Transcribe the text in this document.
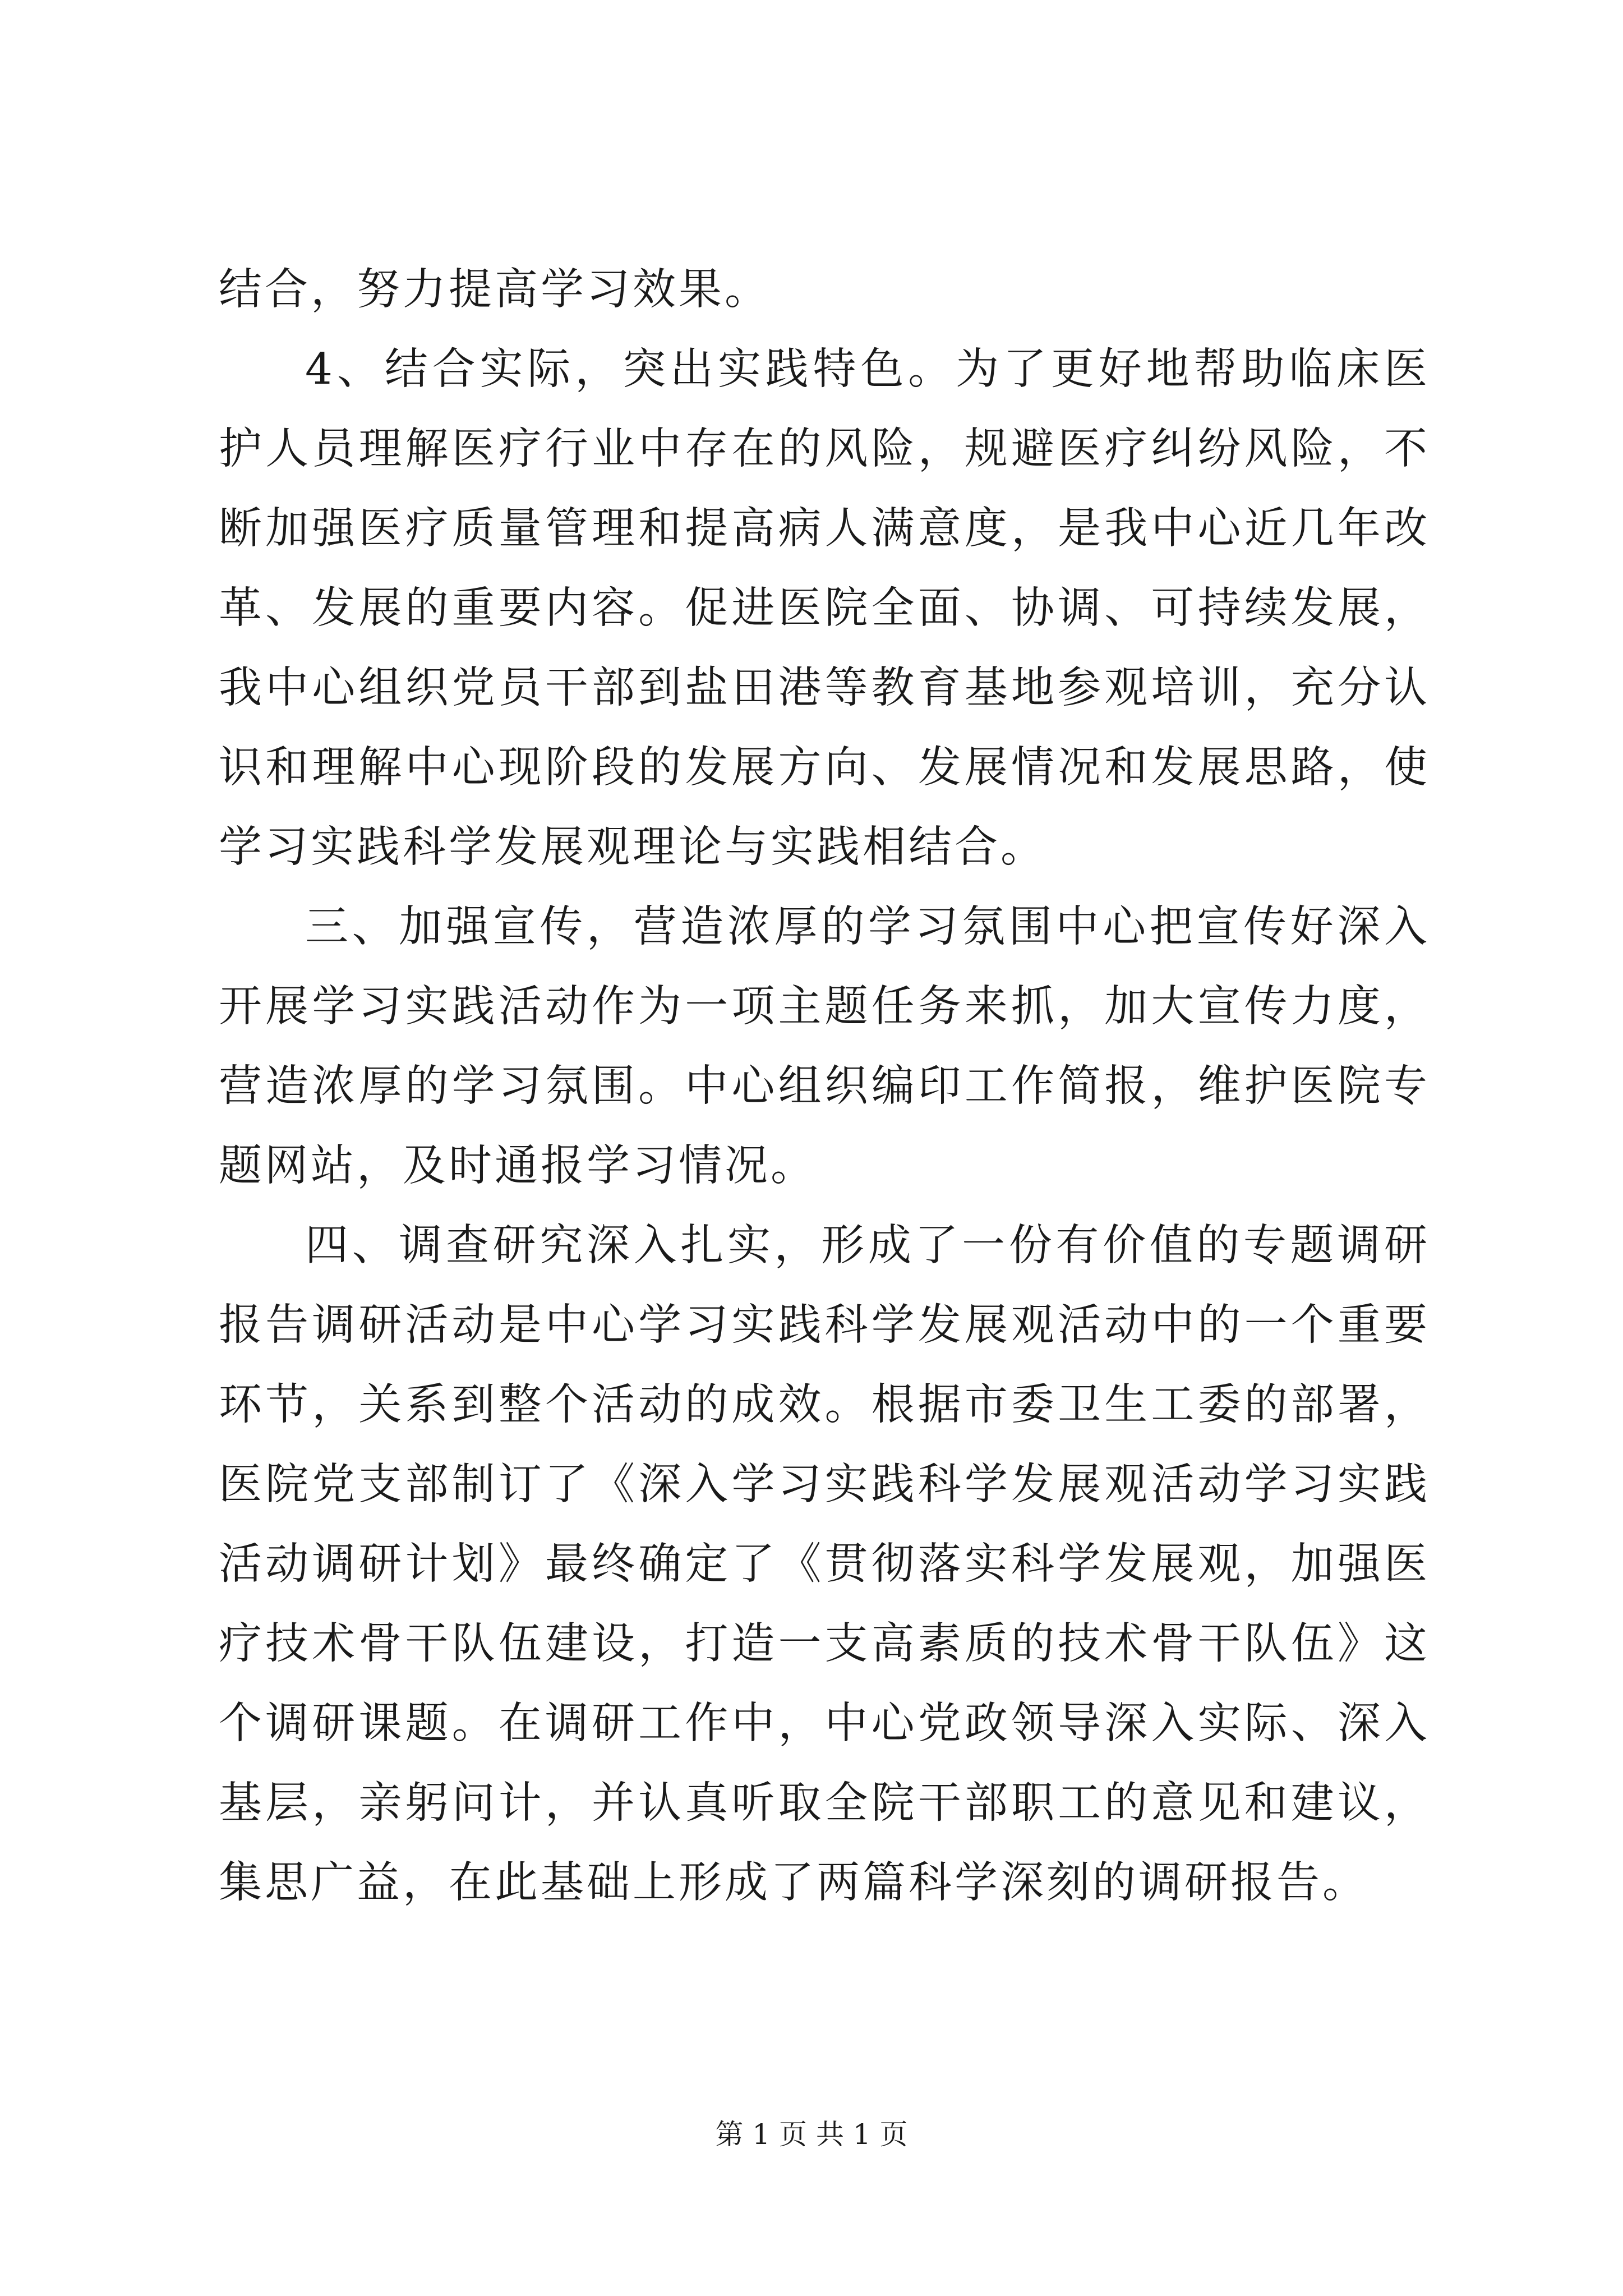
结合，努力提高学习效果。

4、结合实际，突出实践特色。为了更好地帮助临床医护人员理解医疗行业中存在的风险，规避医疗纠纷风险，不断加强医疗质量管理和提高病人满意度，是我中心近几年改革、发展的重要内容。促进医院全面、协调、可持续发展，我中心组织党员干部到盐田港等教育基地参观培训，充分认识和理解中心现阶段的发展方向、发展情况和发展思路，使学习实践科学发展观理论与实践相结合。

三、加强宣传，营造浓厚的学习氛围中心把宣传好深入开展学习实践活动作为一项主题任务来抓，加大宣传力度，营造浓厚的学习氛围。中心组织编印工作简报，维护医院专题网站，及时通报学习情况。

四、调查研究深入扎实，形成了一份有价值的专题调研报告调研活动是中心学习实践科学发展观活动中的一个重要环节，关系到整个活动的成效。根据市委卫生工委的部署，医院党支部制订了《深入学习实践科学发展观活动学习实践活动调研计划》最终确定了《贯彻落实科学发展观，加强医疗技术骨干队伍建设，打造一支高素质的技术骨干队伍》这个调研课题。在调研工作中，中心党政领导深入实际、深入基层，亲躬问计，并认真听取全院干部职工的意见和建议，集思广益，在此基础上形成了两篇科学深刻的调研报告。

第 1 页 共 1 页
